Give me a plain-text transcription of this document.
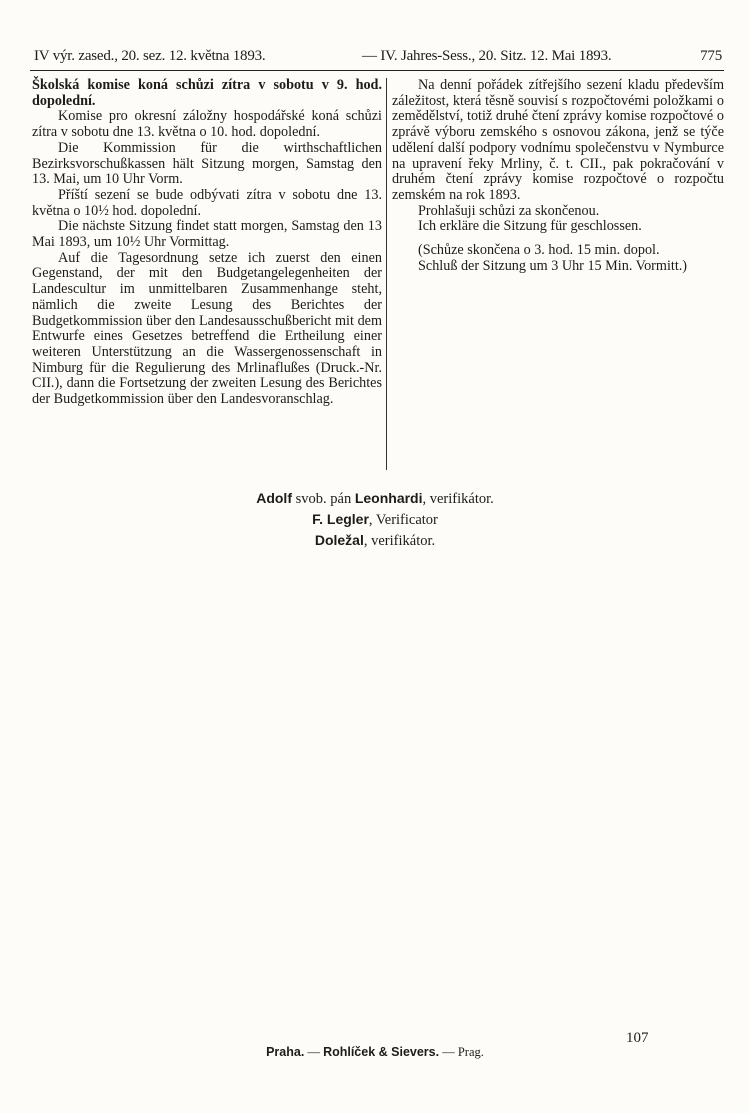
IV výr. zased., 20. sez. 12. května 1893.	— IV. Jahres-Sess., 20. Sitz. 12. Mai 1893.	775

Školská komise koná schůzi zítra v sobotu v 9. hod. dopolední.

Komise pro okresní záložny hospodářské koná schůzi zítra v sobotu dne 13. května o 10. hod. dopolední.

Die Kommission für die wirthschaftlichen Bezirksvorschußkassen hält Sitzung morgen, Samstag den 13. Mai, um 10 Uhr Vorm.

Příští sezení se bude odbývati zítra v sobotu dne 13. května o 10½ hod. dopolední.

Die nächste Sitzung findet statt morgen, Samstag den 13 Mai 1893, um 10½ Uhr Vormittag.

Auf die Tagesordnung setze ich zuerst den einen Gegenstand, der mit den Budgetangelegenheiten der Landescultur im unmittelbaren Zusammenhange steht, nämlich die zweite Lesung des Berichtes der Budgetkommission über den Landesausschußbericht mit dem Entwurfe eines Gesetzes betreffend die Ertheilung einer weiteren Unterstützung an die Wassergenossenschaft in Nimburg für die Regulierung des Mrlinaflußes (Druck.-Nr. CII.), dann die Fortsetzung der zweiten Lesung des Berichtes der Budgetkommission über den Landesvoranschlag.

Na denní pořádek zítřejšího sezení kladu především záležitost, která těsně souvisí s rozpočtovémi položkami o zemědělství, totiž druhé čtení zprávy komise rozpočtové o zprávě výboru zemského s osnovou zákona, jenž se týče udělení další podpory vodnímu společenstvu v Nymburce na upravení řeky Mrliny, č. t. CII., pak pokračování v druhém čtení zprávy komise rozpočtové o rozpočtu zemském na rok 1893.

Prohlašuji schůzi za skončenou.

Ich erkläre die Sitzung für geschlossen.

(Schůze skončena o 3. hod. 15 min. dopol.

Schluß der Sitzung um 3 Uhr 15 Min. Vormitt.)

Adolf svob. pán Leonhardi, verifikátor.
F. Legler, Verificator
Doležal, verifikátor.
107
Praha. — Rohlíček & Sievers. — Prag.
